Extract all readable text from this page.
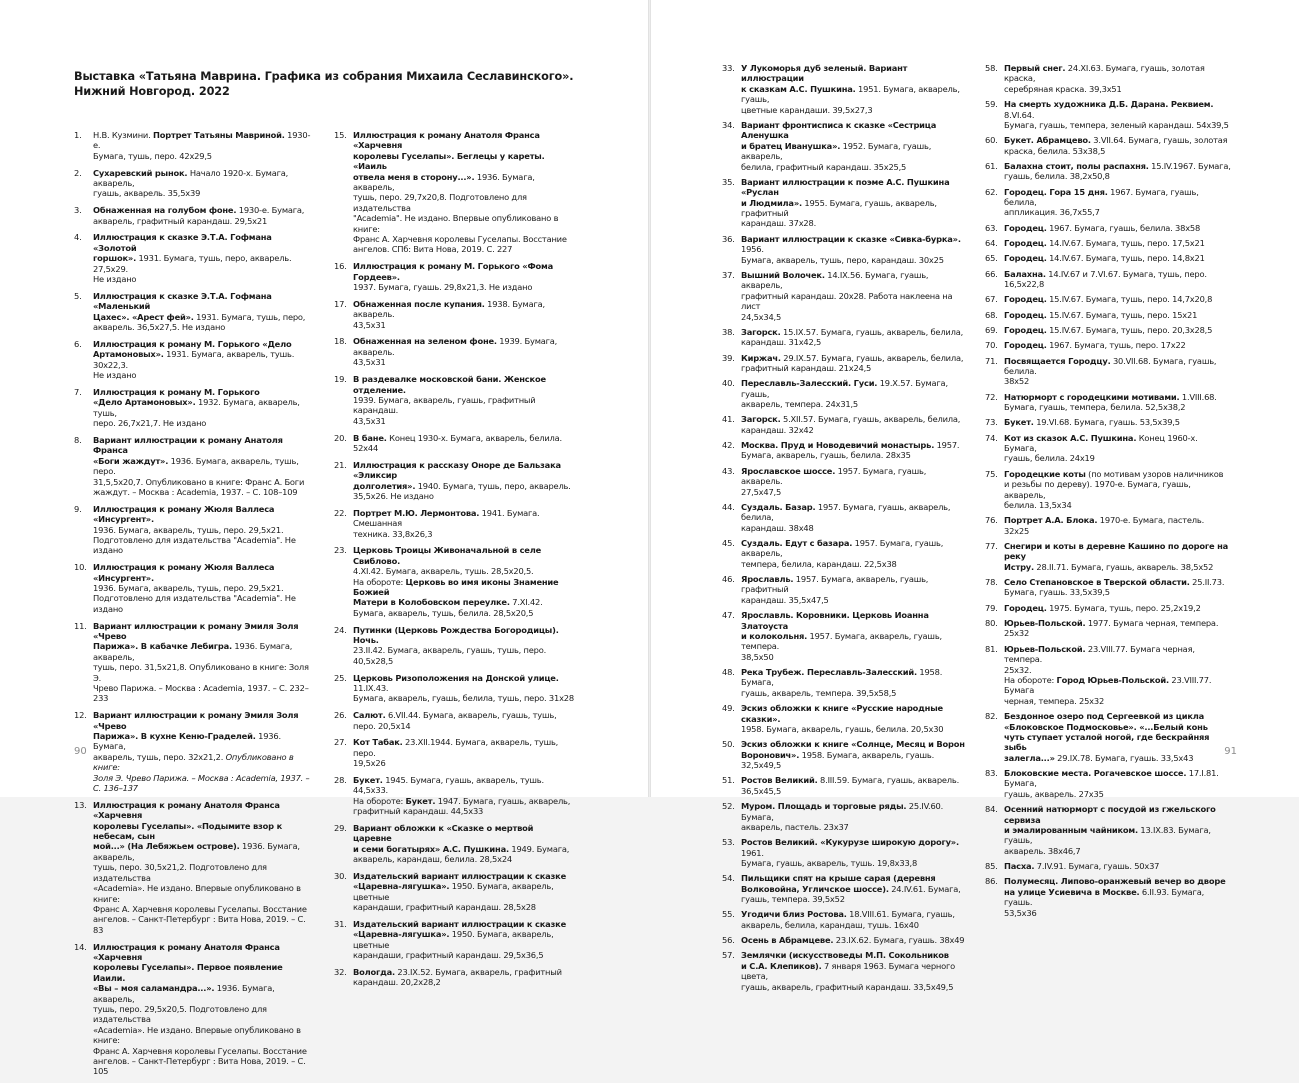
Выставка «Татьяна Маврина. Графика из собрания Михаила Сеславинского».
Нижний Новгород. 2022
1. Н.В. Кузмини. Портрет Татьяны Мавриной. 1930-е.
Бумага, тушь, перо. 42x29,5
2. Сухаревский рынок. Начало 1920-х. Бумага, акварель,
гуашь, акварель. 35,5x39
3. Обнаженная на голубом фоне. 1930-е. Бумага,
акварель, графитный карандаш. 29,5x21
4. Иллюстрация к сказке Э.Т.А. Гофмана «Золотой
горшок». 1931. Бумага, тушь, перо, акварель. 27,5x29.
Не издано
5. Иллюстрация к сказке Э.Т.А. Гофмана «Маленький
Цахес». «Арест фей». 1931. Бумага, тушь, перо,
акварель. 36,5x27,5. Не издано
6. Иллюстрация к роману М. Горького «Дело
Артамоновых». 1931. Бумага, акварель, тушь. 30x22,3.
Не издано
7. Иллюстрация к роману М. Горького
«Дело Артамоновых». 1932. Бумага, акварель, тушь,
перо. 26,7x21,7. Не издано
8. Вариант иллюстрации к роману Анатоля Франса
«Боги жаждут». 1936. Бумага, акварель, тушь, перо.
31,5,5x20,7. Опубликовано в книге: Франс А. Боги
жаждут. – Москва : Academia, 1937. – С. 108–109
9. Иллюстрация к роману Жюля Валлеса «Инсургент».
1936. Бумага, акварель, тушь, перо. 29,5x21.
Подготовлено для издательства "Academia". Не издано
10. Иллюстрация к роману Жюля Валлеса «Инсургент».
1936. Бумага, акварель, тушь, перо. 29,5x21.
Подготовлено для издательства "Academia". Не издано
11. Вариант иллюстрации к роману Эмиля Золя «Чрево
Парижа». В кабачке Лебигра. 1936. Бумага, акварель,
тушь, перо. 31,5x21,8. Опубликовано в книге: Золя Э.
Чрево Парижа. – Москва : Academia, 1937. – С. 232–233
12. Вариант иллюстрации к роману Эмиля Золя «Чрево
Парижа». В кухне Кеню-Граделей. 1936. Бумага,
акварель, тушь, перо. 32x21,2. Опубликовано в книге:
Золя Э. Чрево Парижа. – Москва : Academia, 1937. –
С. 136–137
13. Иллюстрация к роману Анатоля Франса «Харчевня
королевы Гуселапы». «Подымите взор к небесам, сын
мой...» (На Лебяжьем острове). 1936. Бумага, акварель,
тушь, перо. 30,5x21,2. Подготовлено для издательства
«Academia». Не издано. Впервые опубликовано в книге:
Франс А. Харчевня королевы Гуселапы. Восстание
ангелов. – Санкт-Петербург : Вита Нова, 2019. – С. 83
14. Иллюстрация к роману Анатоля Франса «Харчевня
королевы Гуселапы». Первое появление Иаили.
«Вы – моя саламандра...». 1936. Бумага, акварель,
тушь, перо. 29,5x20,5. Подготовлено для издательства
«Academia». Не издано. Впервые опубликовано в книге:
Франс А. Харчевня королевы Гуселапы. Восстание
ангелов. – Санкт-Петербург : Вита Нова, 2019. – С. 105
15. Иллюстрация к роману Анатоля Франса «Харчевня
королевы Гуселапы». Беглецы у кареты. «Иаиль
отвела меня в сторону...». 1936. Бумага, акварель,
тушь, перо. 29,7x20,8. Подготовлено для издательства
"Academia". Не издано. Впервые опубликовано в книге:
Франс А. Харчевня королевы Гуселапы. Восстание
ангелов. СПб: Вита Нова, 2019. С. 227
16. Иллюстрация к роману М. Горького «Фома Гордеев».
1937. Бумага, гуашь. 29,8x21,3. Не издано
17. Обнаженная после купания. 1938. Бумага, акварель.
43,5x31
18. Обнаженная на зеленом фоне. 1939. Бумага, акварель.
43,5x31
19. В раздевалке московской бани. Женское отделение.
1939. Бумага, акварель, гуашь, графитный карандаш.
43,5x31
20. В бане. Конец 1930-х. Бумага, акварель, белила. 52x44
21. Иллюстрация к рассказу Оноре де Бальзака «Эликсир
долголетия». 1940. Бумага, тушь, перо, акварель.
35,5x26. Не издано
22. Портрет М.Ю. Лермонтова. 1941. Бумага. Смешанная
техника. 33,8x26,3
23. Церковь Троицы Живоначальной в селе Свиблово.
4.XI.42. Бумага, акварель, тушь. 28,5x20,5.
На обороте: Церковь во имя иконы Знамение Божией
Матери в Колобовском переулке. 7.XI.42.
Бумага, акварель, тушь, белила. 28,5x20,5
24. Путинки (Церковь Рождества Богородицы). Ночь.
23.II.42. Бумага, акварель, гуашь, тушь, перо. 40,5x28,5
25. Церковь Ризоположения на Донской улице. 11.IX.43.
Бумага, акварель, гуашь, белила, тушь, перо. 31x28
26. Салют. 6.VII.44. Бумага, акварель, гуашь, тушь,
перо. 20,5x14
27. Кот Табак. 23.XII.1944. Бумага, акварель, тушь, перо.
19,5x26
28. Букет. 1945. Бумага, гуашь, акварель, тушь. 44,5x33.
На обороте: Букет. 1947. Бумага, гуашь, акварель,
графитный карандаш. 44,5x33
29. Вариант обложки к «Сказке о мертвой царевне
и семи богатырях» А.С. Пушкина. 1949. Бумага,
акварель, карандаш, белила. 28,5x24
30. Издательский вариант иллюстрации к сказке
«Царевна-лягушка». 1950. Бумага, акварель, цветные
карандаши, графитный карандаш. 28,5x28
31. Издательский вариант иллюстрации к сказке
«Царевна-лягушка». 1950. Бумага, акварель, цветные
карандаши, графитный карандаш. 29,5x36,5
32. Вологда. 23.IX.52. Бумага, акварель, графитный
карандаш. 20,2x28,2
90	91
33. У Лукоморья дуб зеленый. Вариант иллюстрации
к сказкам А.С. Пушкина. 1951. Бумага, акварель, гуашь,
цветные карандаши. 39,5x27,3
34. Вариант фронтисписа к сказке «Сестрица Аленушка
и братец Иванушка». 1952. Бумага, гуашь, акварель,
белила, графитный карандаш. 35x25,5
35. Вариант иллюстрации к поэме А.С. Пушкина «Руслан
и Людмила». 1955. Бумага, гуашь, акварель, графитный
карандаш. 37x28.
36. Вариант иллюстрации к сказке «Сивка-бурка». 1956.
Бумага, акварель, тушь, перо, карандаш. 30x25
37. Вышний Волочек. 14.IX.56. Бумага, гуашь, акварель,
графитный карандаш. 20x28. Работа наклеена на лист
24,5x34,5
38. Загорск. 15.IX.57. Бумага, гуашь, акварель, белила,
карандаш. 31x42,5
39. Киржач. 29.IX.57. Бумага, гуашь, акварель, белила,
графитный карандаш. 21x24,5
40. Переславль-Залесский. Гуси. 19.X.57. Бумага, гуашь,
акварель, темпера. 24x31,5
41. Загорск. 5.XII.57. Бумага, гуашь, акварель, белила,
карандаш. 32x42
42. Москва. Пруд и Новодевичий монастырь. 1957.
Бумага, акварель, гуашь, белила. 28x35
43. Ярославское шоссе. 1957. Бумага, гуашь, акварель.
27,5x47,5
44. Суздаль. Базар. 1957. Бумага, гуашь, акварель, белила,
карандаш. 38x48
45. Суздаль. Едут с базара. 1957. Бумага, гуашь, акварель,
темпера, белила, карандаш. 22,5x38
46. Ярославль. 1957. Бумага, акварель, гуашь, графитный
карандаш. 35,5x47,5
47. Ярославль. Коровники. Церковь Иоанна Златоуста
и колокольня. 1957. Бумага, акварель, гуашь, темпера.
38,5x50
48. Река Трубеж. Переславль-Залесский. 1958. Бумага,
гуашь, акварель, темпера. 39,5x58,5
49. Эскиз обложки к книге «Русские народные сказки».
1958. Бумага, акварель, гуашь, белила. 20,5x30
50. Эскиз обложки к книге «Солнце, Месяц и Ворон
Воронович». 1958. Бумага, акварель, гуашь. 32,5x49,5
51. Ростов Великий. 8.III.59. Бумага, гуашь, акварель.
36,5x45,5
52. Муром. Площадь и торговые ряды. 25.IV.60. Бумага,
акварель, пастель. 23x37
53. Ростов Великий. «Кукурузе широкую дорогу». 1961.
Бумага, гуашь, акварель, тушь. 19,8x33,8
54. Пильщики спят на крыше сарая (деревня
Волковойна, Угличское шоссе). 24.IV.61. Бумага,
гуашь, темпера. 39,5x52
55. Угодичи близ Ростова. 18.VIII.61. Бумага, гуашь,
акварель, белила, карандаш, тушь. 16x40
56. Осень в Абрамцеве. 23.IX.62. Бумага, гуашь. 38x49
57. Землячки (искусствоведы М.П. Сокольников
и С.А. Клепиков). 7 января 1963. Бумага черного цвета,
гуашь, акварель, графитный карандаш. 33,5x49,5
58. Первый снег. 24.XI.63. Бумага, гуашь, золотая краска,
серебряная краска. 39,3x51
59. На смерть художника Д.Б. Дарана. Реквием. 8.VI.64.
Бумага, гуашь, темпера, зеленый карандаш. 54x39,5
60. Букет. Абрамцево. 3.VII.64. Бумага, гуашь, золотая
краска, белила. 53x38,5
61. Балахна стоит, полы распахня. 15.IV.1967. Бумага,
гуашь, белила. 38,2x50,8
62. Городец. Гора 15 дня. 1967. Бумага, гуашь, белила,
аппликация. 36,7x55,7
63. Городец. 1967. Бумага, гуашь, белила. 38x58
64. Городец. 14.IV.67. Бумага, тушь, перо. 17,5x21
65. Городец. 14.IV.67. Бумага, тушь, перо. 14,8x21
66. Балахна. 14.IV.67 и 7.VI.67. Бумага, тушь, перо.
16,5x22,8
67. Городец. 15.IV.67. Бумага, тушь, перо. 14,7x20,8
68. Городец. 15.IV.67. Бумага, тушь, перо. 15x21
69. Городец. 15.IV.67. Бумага, тушь, перо. 20,3x28,5
70. Городец. 1967. Бумага, тушь, перо. 17x22
71. Посвящается Городцу. 30.VII.68. Бумага, гуашь, белила.
38x52
72. Натюрморт с городецкими мотивами. 1.VIII.68.
Бумага, гуашь, темпера, белила. 52,5x38,2
73. Букет. 19.VI.68. Бумага, гуашь. 53,5x39,5
74. Кот из сказок А.С. Пушкина. Конец 1960-х. Бумага,
гуашь, белила. 24x19
75. Городецкие коты (по мотивам узоров наличников
и резьбы по дереву). 1970-е. Бумага, гуашь, акварель,
белила. 13,5x34
76. Портрет А.А. Блока. 1970-е. Бумага, пастель. 32x25
77. Снегири и коты в деревне Кашино по дороге на реку
Истру. 28.II.71. Бумага, гуашь, акварель. 38,5x52
78. Село Степановское в Тверской области. 25.II.73.
Бумага, гуашь. 33,5x39,5
79. Городец. 1975. Бумага, тушь, перо. 25,2x19,2
80. Юрьев-Польской. 1977. Бумага черная, темпера. 25x32
81. Юрьев-Польской. 23.VIII.77. Бумага черная, темпера.
25x32.
На обороте: Город Юрьев-Польской. 23.VIII.77. Бумага
черная, темпера. 25x32
82. Бездонное озеро под Сергеевкой из цикла
«Блоковское Подмосковье». «...Белый конь
чуть ступает усталой ногой, где бескрайняя зыбь
залегла...» 29.IX.78. Бумага, гуашь. 33,5x43
83. Блоковские места. Рогачевское шоссе. 17.I.81. Бумага,
гуашь, акварель. 27x35
84. Осенний натюрморт с посудой из гжельского сервиза
и эмалированным чайником. 13.IX.83. Бумага, гуашь,
акварель. 38x46,7
85. Пасха. 7.IV.91. Бумага, гуашь. 50x37
86. Полумесяц. Липово-оранжевый вечер во дворе
на улице Усиевича в Москве. 6.II.93. Бумага, гуашь.
53,5x36
